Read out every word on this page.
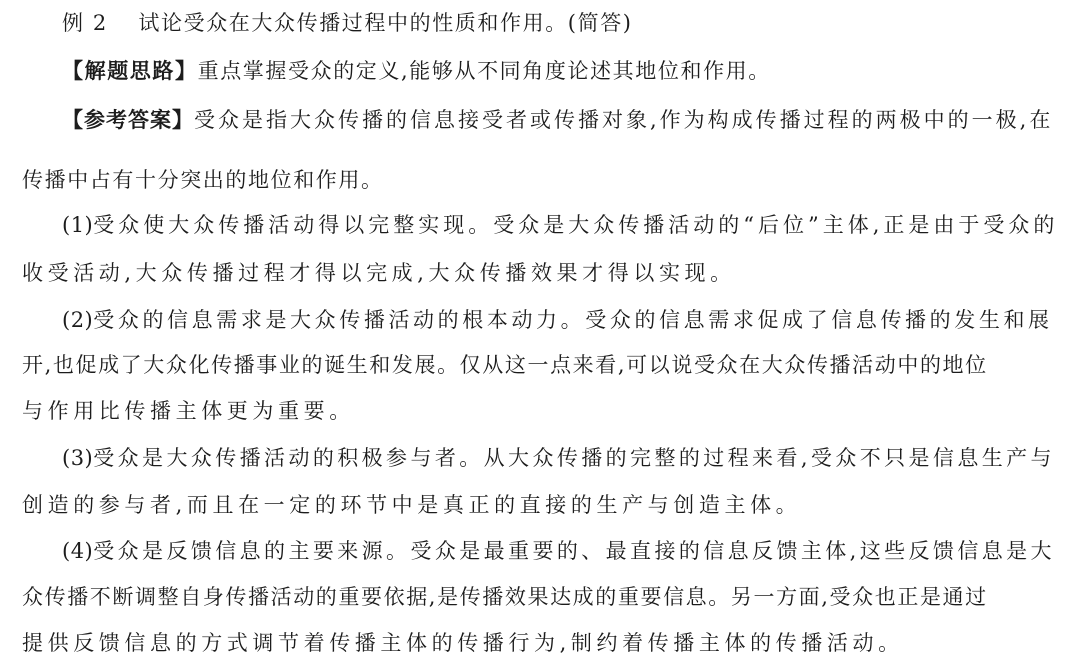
例 2 试论受众在大众传播过程中的性质和作用。(简答)
【解题思路】重点掌握受众的定义,能够从不同角度论述其地位和作用。
【参考答案】受众是指大众传播的信息接受者或传播对象,作为构成传播过程的两极中的一极,在
传播中占有十分突出的地位和作用。
(1)受众使大众传播活动得以完整实现。受众是大众传播活动的“后位”主体,正是由于受众的
收受活动,大众传播过程才得以完成,大众传播效果才得以实现。
(2)受众的信息需求是大众传播活动的根本动力。受众的信息需求促成了信息传播的发生和展
开,也促成了大众化传播事业的诞生和发展。仅从这一点来看,可以说受众在大众传播活动中的地位
与作用比传播主体更为重要。
(3)受众是大众传播活动的积极参与者。从大众传播的完整的过程来看,受众不只是信息生产与
创造的参与者,而且在一定的环节中是真正的直接的生产与创造主体。
(4)受众是反馈信息的主要来源。受众是最重要的、最直接的信息反馈主体,这些反馈信息是大
众传播不断调整自身传播活动的重要依据,是传播效果达成的重要信息。另一方面,受众也正是通过
提供反馈信息的方式调节着传播主体的传播行为,制约着传播主体的传播活动。
